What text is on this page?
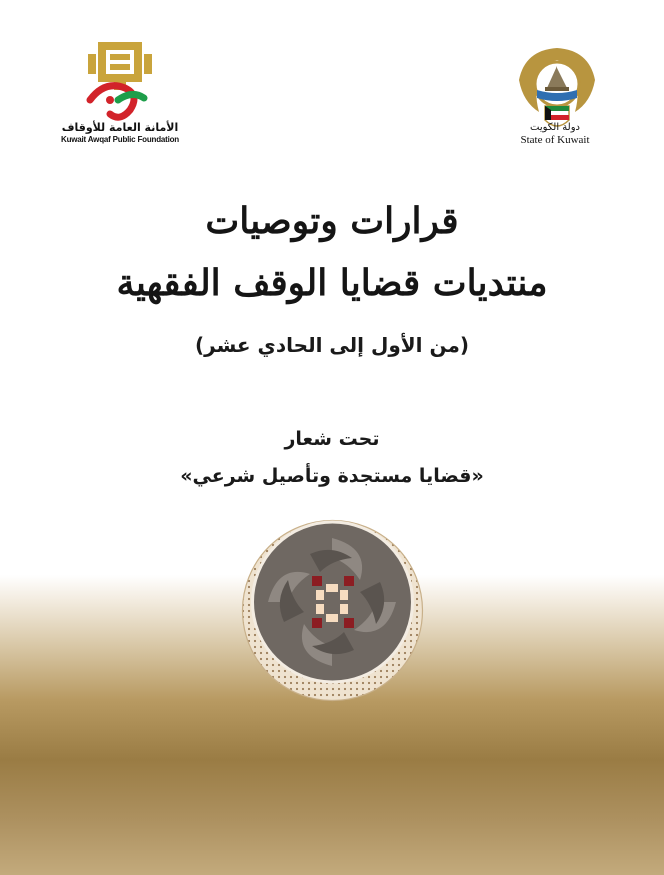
الأمانة العامة للأوقاف
Kuwait Awqaf Public Foundation
دولة الكويت
State of Kuwait
قرارات وتوصيات
منتديات قضايا الوقف الفقهية
(من الأول إلى الحادي عشر)
تحت شعار
«قضايا مستجدة وتأصيل شرعي»
